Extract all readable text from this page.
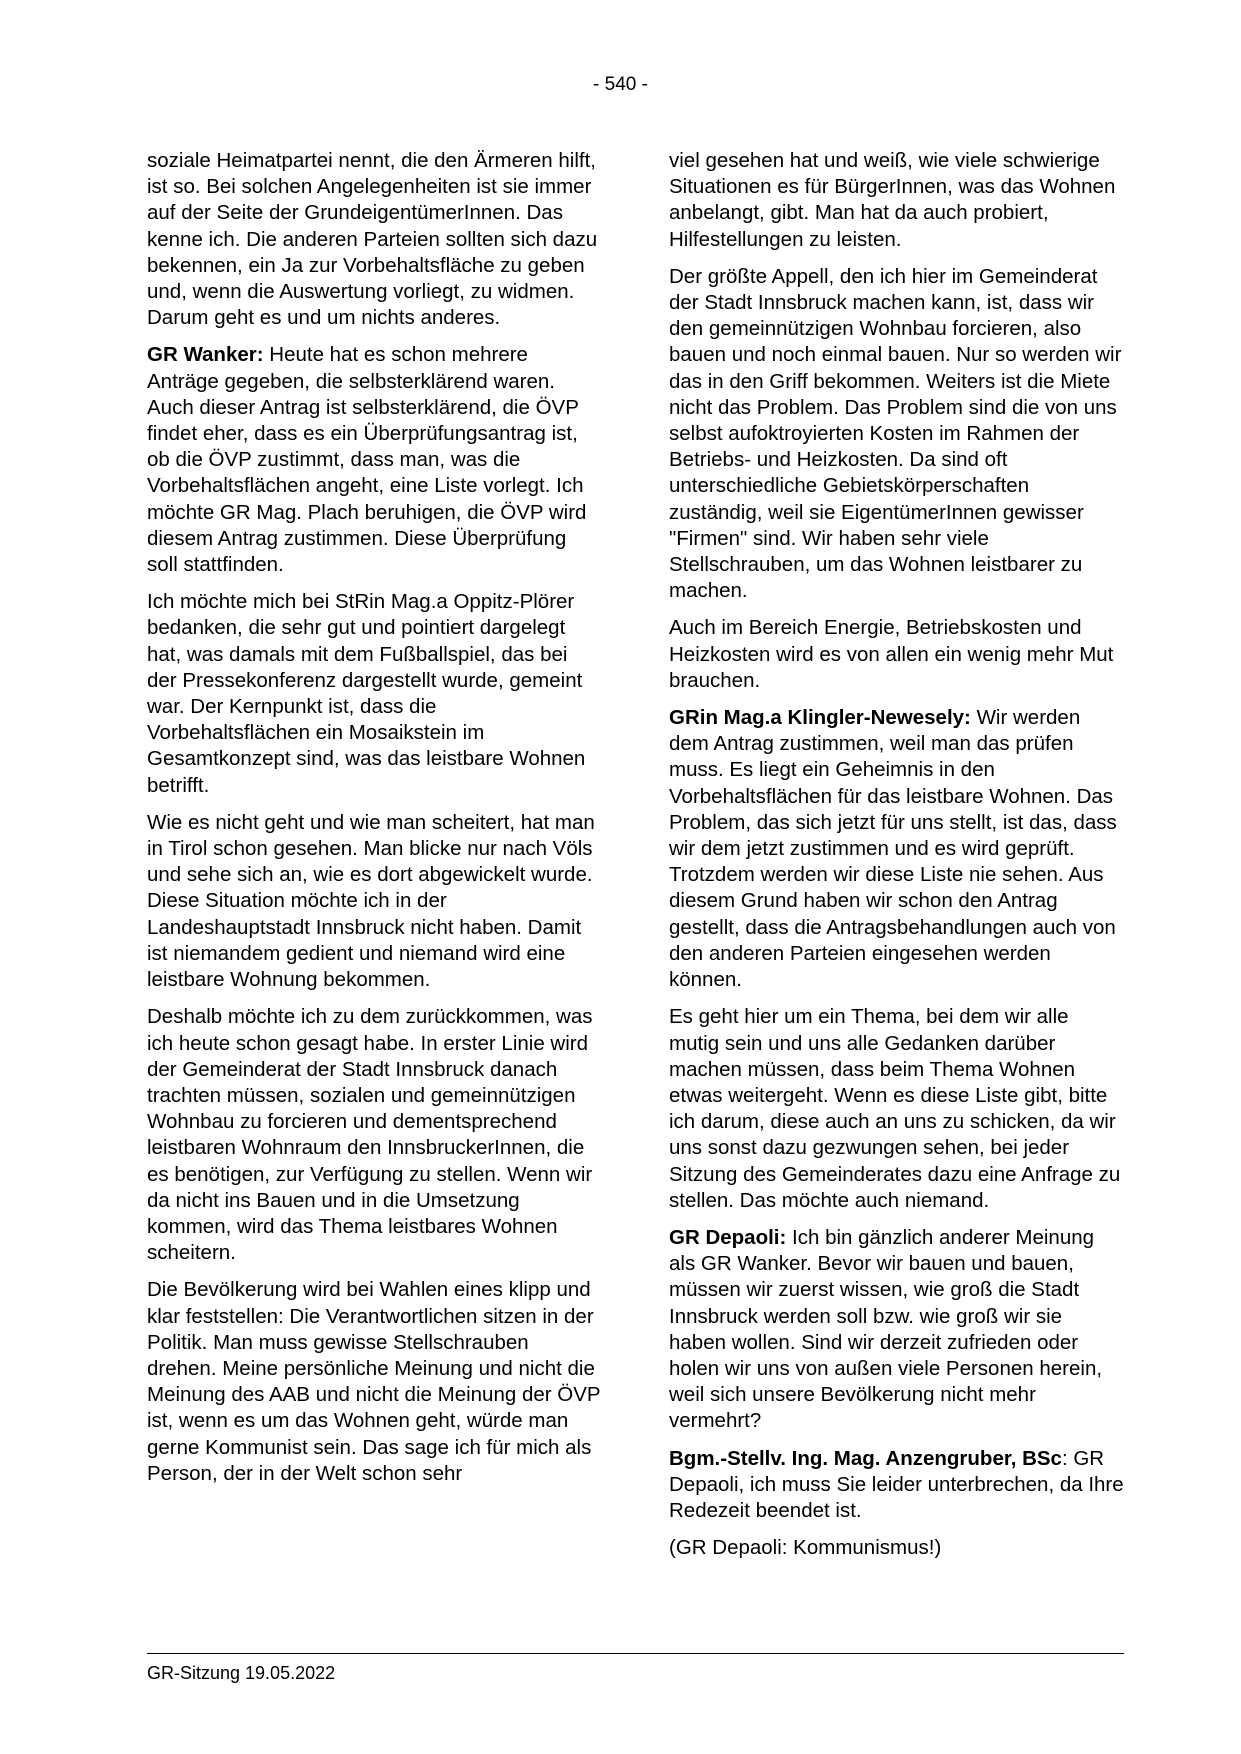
- 540 -

soziale Heimatpartei nennt, die den Ärmeren hilft, ist so. Bei solchen Angelegenheiten ist sie immer auf der Seite der GrundeigentümerInnen. Das kenne ich. Die anderen Parteien sollten sich dazu bekennen, ein Ja zur Vorbehaltsfläche zu geben und, wenn die Auswertung vorliegt, zu widmen. Darum geht es und um nichts anderes.

GR Wanker: Heute hat es schon mehrere Anträge gegeben, die selbsterklärend waren. Auch dieser Antrag ist selbsterklärend, die ÖVP findet eher, dass es ein Überprüfungsantrag ist, ob die ÖVP zustimmt, dass man, was die Vorbehaltsflächen angeht, eine Liste vorlegt. Ich möchte GR Mag. Plach beruhigen, die ÖVP wird diesem Antrag zustimmen. Diese Überprüfung soll stattfinden.

Ich möchte mich bei StRin Mag.a Oppitz-Plörer bedanken, die sehr gut und pointiert dargelegt hat, was damals mit dem Fußballspiel, das bei der Pressekonferenz dargestellt wurde, gemeint war. Der Kernpunkt ist, dass die Vorbehaltsflächen ein Mosaikstein im Gesamtkonzept sind, was das leistbare Wohnen betrifft.

Wie es nicht geht und wie man scheitert, hat man in Tirol schon gesehen. Man blicke nur nach Völs und sehe sich an, wie es dort abgewickelt wurde. Diese Situation möchte ich in der Landeshauptstadt Innsbruck nicht haben. Damit ist niemandem gedient und niemand wird eine leistbare Wohnung bekommen.

Deshalb möchte ich zu dem zurückkommen, was ich heute schon gesagt habe. In erster Linie wird der Gemeinderat der Stadt Innsbruck danach trachten müssen, sozialen und gemeinnützigen Wohnbau zu forcieren und dementsprechend leistbaren Wohnraum den InnsbruckerInnen, die es benötigen, zur Verfügung zu stellen. Wenn wir da nicht ins Bauen und in die Umsetzung kommen, wird das Thema leistbares Wohnen scheitern.

Die Bevölkerung wird bei Wahlen eines klipp und klar feststellen: Die Verantwortlichen sitzen in der Politik. Man muss gewisse Stellschrauben drehen. Meine persönliche Meinung und nicht die Meinung des AAB und nicht die Meinung der ÖVP ist, wenn es um das Wohnen geht, würde man gerne Kommunist sein. Das sage ich für mich als Person, der in der Welt schon sehr

viel gesehen hat und weiß, wie viele schwierige Situationen es für BürgerInnen, was das Wohnen anbelangt, gibt. Man hat da auch probiert, Hilfestellungen zu leisten.

Der größte Appell, den ich hier im Gemeinderat der Stadt Innsbruck machen kann, ist, dass wir den gemeinnützigen Wohnbau forcieren, also bauen und noch einmal bauen. Nur so werden wir das in den Griff bekommen. Weiters ist die Miete nicht das Problem. Das Problem sind die von uns selbst aufoktroyierten Kosten im Rahmen der Betriebs- und Heizkosten. Da sind oft unterschiedliche Gebietskörperschaften zuständig, weil sie EigentümerInnen gewisser "Firmen" sind. Wir haben sehr viele Stellschrauben, um das Wohnen leistbarer zu machen.

Auch im Bereich Energie, Betriebskosten und Heizkosten wird es von allen ein wenig mehr Mut brauchen.

GRin Mag.a Klingler-Newesely: Wir werden dem Antrag zustimmen, weil man das prüfen muss. Es liegt ein Geheimnis in den Vorbehaltsflächen für das leistbare Wohnen. Das Problem, das sich jetzt für uns stellt, ist das, dass wir dem jetzt zustimmen und es wird geprüft. Trotzdem werden wir diese Liste nie sehen. Aus diesem Grund haben wir schon den Antrag gestellt, dass die Antragsbehandlungen auch von den anderen Parteien eingesehen werden können.

Es geht hier um ein Thema, bei dem wir alle mutig sein und uns alle Gedanken darüber machen müssen, dass beim Thema Wohnen etwas weitergeht. Wenn es diese Liste gibt, bitte ich darum, diese auch an uns zu schicken, da wir uns sonst dazu gezwungen sehen, bei jeder Sitzung des Gemeinderates dazu eine Anfrage zu stellen. Das möchte auch niemand.

GR Depaoli: Ich bin gänzlich anderer Meinung als GR Wanker. Bevor wir bauen und bauen, müssen wir zuerst wissen, wie groß die Stadt Innsbruck werden soll bzw. wie groß wir sie haben wollen. Sind wir derzeit zufrieden oder holen wir uns von außen viele Personen herein, weil sich unsere Bevölkerung nicht mehr vermehrt?

Bgm.-Stellv. Ing. Mag. Anzengruber, BSc: GR Depaoli, ich muss Sie leider unterbrechen, da Ihre Redezeit beendet ist.

(GR Depaoli: Kommunismus!)

GR-Sitzung 19.05.2022
